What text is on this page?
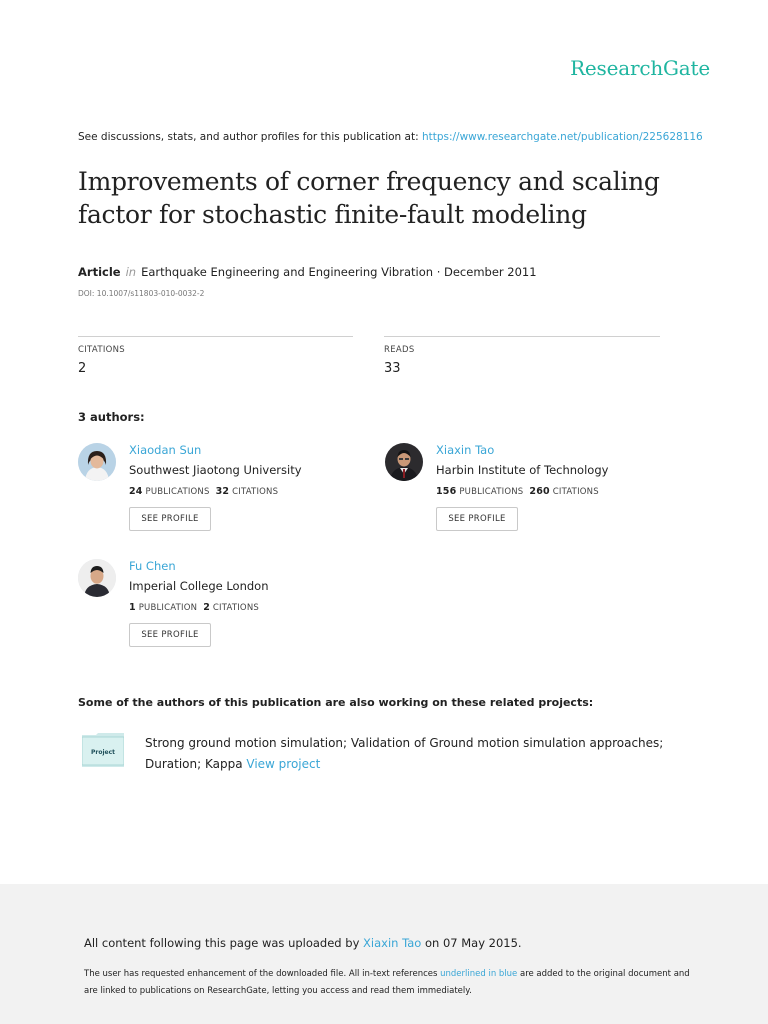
ResearchGate
See discussions, stats, and author profiles for this publication at: https://www.researchgate.net/publication/225628116
Improvements of corner frequency and scaling factor for stochastic finite-fault modeling
Article in Earthquake Engineering and Engineering Vibration · December 2011
DOI: 10.1007/s11803-010-0032-2
CITATIONS
2
READS
33
3 authors:
Xiaodan Sun
Southwest Jiaotong University
24 PUBLICATIONS 32 CITATIONS
SEE PROFILE
Xiaxin Tao
Harbin Institute of Technology
156 PUBLICATIONS 260 CITATIONS
SEE PROFILE
Fu Chen
Imperial College London
1 PUBLICATION 2 CITATIONS
SEE PROFILE
Some of the authors of this publication are also working on these related projects:
Project
Strong ground motion simulation; Validation of Ground motion simulation approaches; Duration; Kappa View project
All content following this page was uploaded by Xiaxin Tao on 07 May 2015.
The user has requested enhancement of the downloaded file. All in-text references underlined in blue are added to the original document and are linked to publications on ResearchGate, letting you access and read them immediately.
